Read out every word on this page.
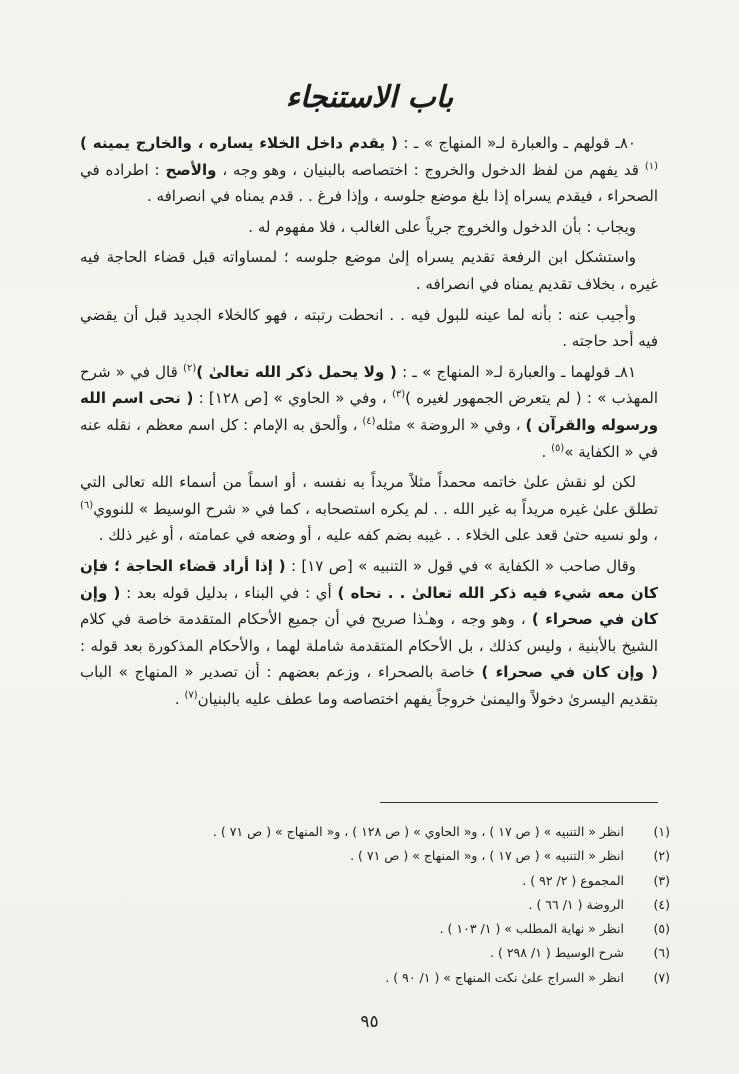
باب الاستنجاء

٨٠ـ قولهم ـ والعبارة لـ« المنهاج » ـ : ( يقدم داخل الخلاء يساره ، والخارج يمينه )$^{(١)}$ قد يفهم من لفظ الدخول والخروج : اختصاصه بالبنيان ، وهو وجه ، والأصح : اطراده في الصحراء ، فيقدم يسراه إذا بلغ موضع جلوسه ، وإذا فرغ . . قدم يمناه في انصرافه .

ويجاب : بأن الدخول والخروج جرياً على الغالب ، فلا مفهوم له .

واستشكل ابن الرفعة تقديم يسراه إلىٰ موضع جلوسه ؛ لمساواته قبل قضاء الحاجة فيه غيره ، بخلاف تقديم يمناه في انصرافه .

وأجيب عنه : بأنه لما عينه للبول فيه . . انحطت رتبته ، فهو كالخلاء الجديد قبل أن يقضي فيه أحد حاجته .

٨١ـ قولهما ـ والعبارة لـ« المنهاج » ـ : ( ولا يحمل ذكر الله تعالىٰ )$^{(٢)}$ قال في « شرح المهذب » : ( لم يتعرض الجمهور لغيره )$^{(٣)}$ ، وفي « الحاوي » [ص ١٢٨] : ( نحى اسم الله ورسوله والقرآن ) ، وفي « الروضة » مثله$^{(٤)}$ ، وألحق به الإمام : كل اسم معظم ، نقله عنه في « الكفاية »$^{(٥)}$ .

لكن لو نقش علىٰ خاتمه محمداً مثلاً مريداً به نفسه ، أو اسماً من أسماء الله تعالى التي تطلق علىٰ غيره مريداً به غير الله . . لم يكره استصحابه ، كما في « شرح الوسيط » للنووي$^{(٦)}$ ، ولو نسيه حتىٰ قعد على الخلاء . . غيبه بضم كفه عليه ، أو وضعه في عمامته ، أو غير ذلك .

وقال صاحب « الكفاية » في قول « التنبيه » [ص ١٧] : ( إذا أراد قضاء الحاجة ؛ فإن كان معه شيء فيه ذكر الله تعالىٰ . . نحاه ) أي : في البناء ، بدليل قوله بعد : ( وإن كان في صحراء ) ، وهو وجه ، وهـٰذا صريح في أن جميع الأحكام المتقدمة خاصة في كلام الشيخ بالأبنية ، وليس كذلك ، بل الأحكام المتقدمة شاملة لهما ، والأحكام المذكورة بعد قوله : ( وإن كان في صحراء ) خاصة بالصحراء ، وزعم بعضهم : أن تصدير « المنهاج » الباب بتقديم اليسرىٰ دخولاً واليمنىٰ خروجاً يفهم اختصاصه وما عطف عليه بالبنيان$^{(٧)}$ .

(١)
انظر « التنبيه » ( ص ١٧ ) ، و« الحاوي » ( ص ١٢٨ ) ، و« المنهاج » ( ص ٧١ ) .
(٢)
انظر « التنبيه » ( ص ١٧ ) ، و« المنهاج » ( ص ٧١ ) .
(٣)
المجموع ( ٢/ ٩٢ ) .
(٤)
الروضة ( ١/ ٦٦ ) .
(٥)
انظر « نهاية المطلب » ( ١/ ١٠٣ ) .
(٦)
شرح الوسيط ( ١/ ٢٩٨ ) .
(٧)
انظر « السراج علىٰ نكت المنهاج » ( ١/ ٩٠ ) .
٩٥
